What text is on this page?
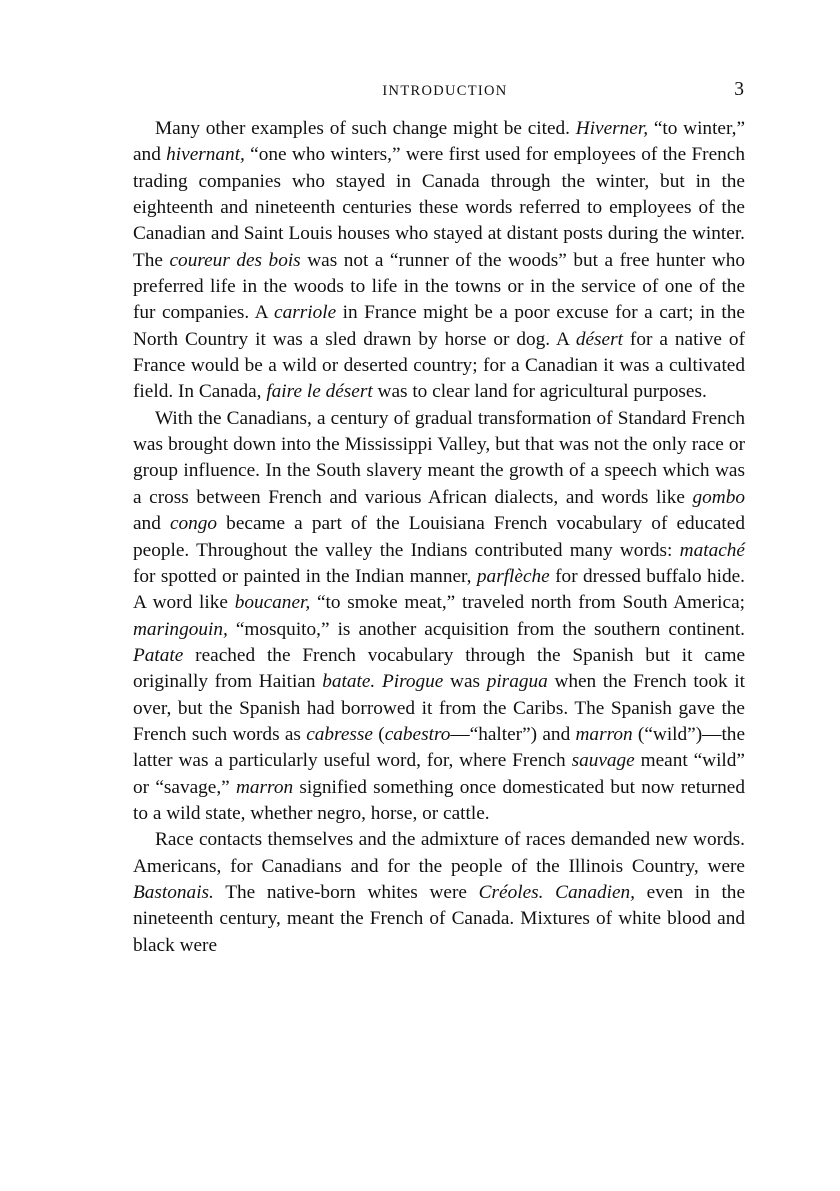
INTRODUCTION	3

Many other examples of such change might be cited. Hiverner, “to winter,” and hivernant, “one who winters,” were first used for employees of the French trading companies who stayed in Canada through the winter, but in the eighteenth and nineteenth centuries these words referred to employees of the Canadian and Saint Louis houses who stayed at distant posts during the winter. The coureur des bois was not a “runner of the woods” but a free hunter who preferred life in the woods to life in the towns or in the service of one of the fur companies. A carriole in France might be a poor excuse for a cart; in the North Country it was a sled drawn by horse or dog. A désert for a native of France would be a wild or deserted country; for a Canadian it was a cultivated field. In Canada, faire le désert was to clear land for agricultural purposes.

With the Canadians, a century of gradual transformation of Standard French was brought down into the Mississippi Valley, but that was not the only race or group influence. In the South slavery meant the growth of a speech which was a cross between French and various African dialects, and words like gombo and congo became a part of the Louisiana French vocabulary of educated people. Throughout the valley the Indians contributed many words: mataché for spotted or painted in the Indian manner, parflèche for dressed buffalo hide. A word like boucaner, “to smoke meat,” traveled north from South America; maringouin, “mosquito,” is another acquisition from the southern continent. Patate reached the French vocabulary through the Spanish but it came originally from Haitian batate. Pirogue was piragua when the French took it over, but the Spanish had borrowed it from the Caribs. The Spanish gave the French such words as cabresse (cabestro—“halter”) and marron (“wild”)—the latter was a particularly useful word, for, where French sauvage meant “wild” or “savage,” marron signified something once domesticated but now returned to a wild state, whether negro, horse, or cattle.

Race contacts themselves and the admixture of races demanded new words. Americans, for Canadians and for the people of the Illinois Country, were Bastonais. The native-born whites were Créoles. Canadien, even in the nineteenth century, meant the French of Canada. Mixtures of white blood and black were
